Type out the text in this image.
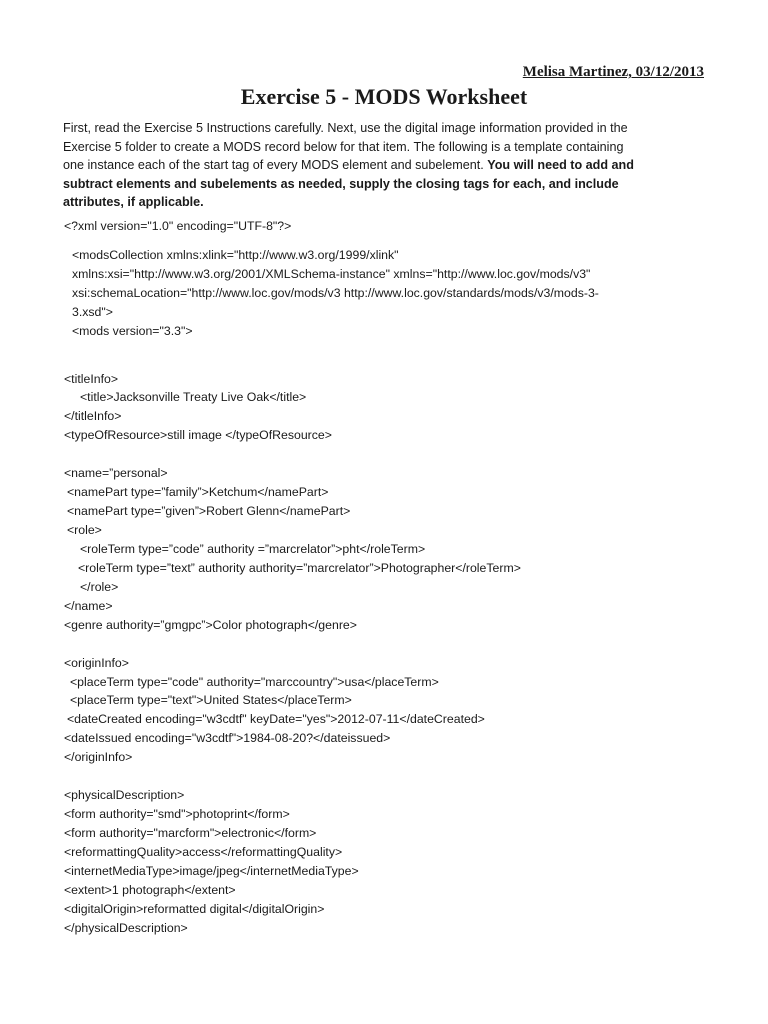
Melisa Martinez, 03/12/2013
Exercise 5 - MODS Worksheet
First, read the Exercise 5 Instructions carefully. Next, use the digital image information provided in the
Exercise 5 folder to create a MODS record below for that item. The following is a template containing
one instance each of the start tag of every MODS element and subelement. You will need to add and
subtract elements and subelements as needed, supply the closing tags for each, and include
attributes, if applicable.
<?xml version="1.0" encoding="UTF-8"?>
<modsCollection xmlns:xlink="http://www.w3.org/1999/xlink"
xmlns:xsi="http://www.w3.org/2001/XMLSchema-instance" xmlns="http://www.loc.gov/mods/v3"
xsi:schemaLocation="http://www.loc.gov/mods/v3 http://www.loc.gov/standards/mods/v3/mods-3-
3.xsd">
<mods version="3.3">
<titleInfo>
<title>Jacksonville Treaty Live Oak</title>
</titleInfo>
<typeOfResource>still image </typeOfResource>
<name=”personal>
<namePart type=”family”>Ketchum</namePart>
<namePart type=”given”>Robert Glenn</namePart>
<role>
<roleTerm type=”code” authority =”marcrelator”>pht</roleTerm>
<roleTerm type=”text” authority authority=”marcrelator”>Photographer</roleTerm>
</role>
</name>
<genre authority=”gmgpc”>Color photograph</genre>
<originInfo>
<placeTerm type="code" authority="marccountry">usa</placeTerm>
<placeTerm type="text">United States</placeTerm>
<dateCreated encoding="w3cdtf" keyDate="yes">2012-07-11</dateCreated>
<dateIssued encoding="w3cdtf">1984-08-20?</dateissued>
</originInfo>
<physicalDescription>
<form authority="smd">photoprint</form>
<form authority="marcform">electronic</form>
<reformattingQuality>access</reformattingQuality>
<internetMediaType>image/jpeg</internetMediaType>
<extent>1 photograph</extent>
<digitalOrigin>reformatted digital</digitalOrigin>
</physicalDescription>
